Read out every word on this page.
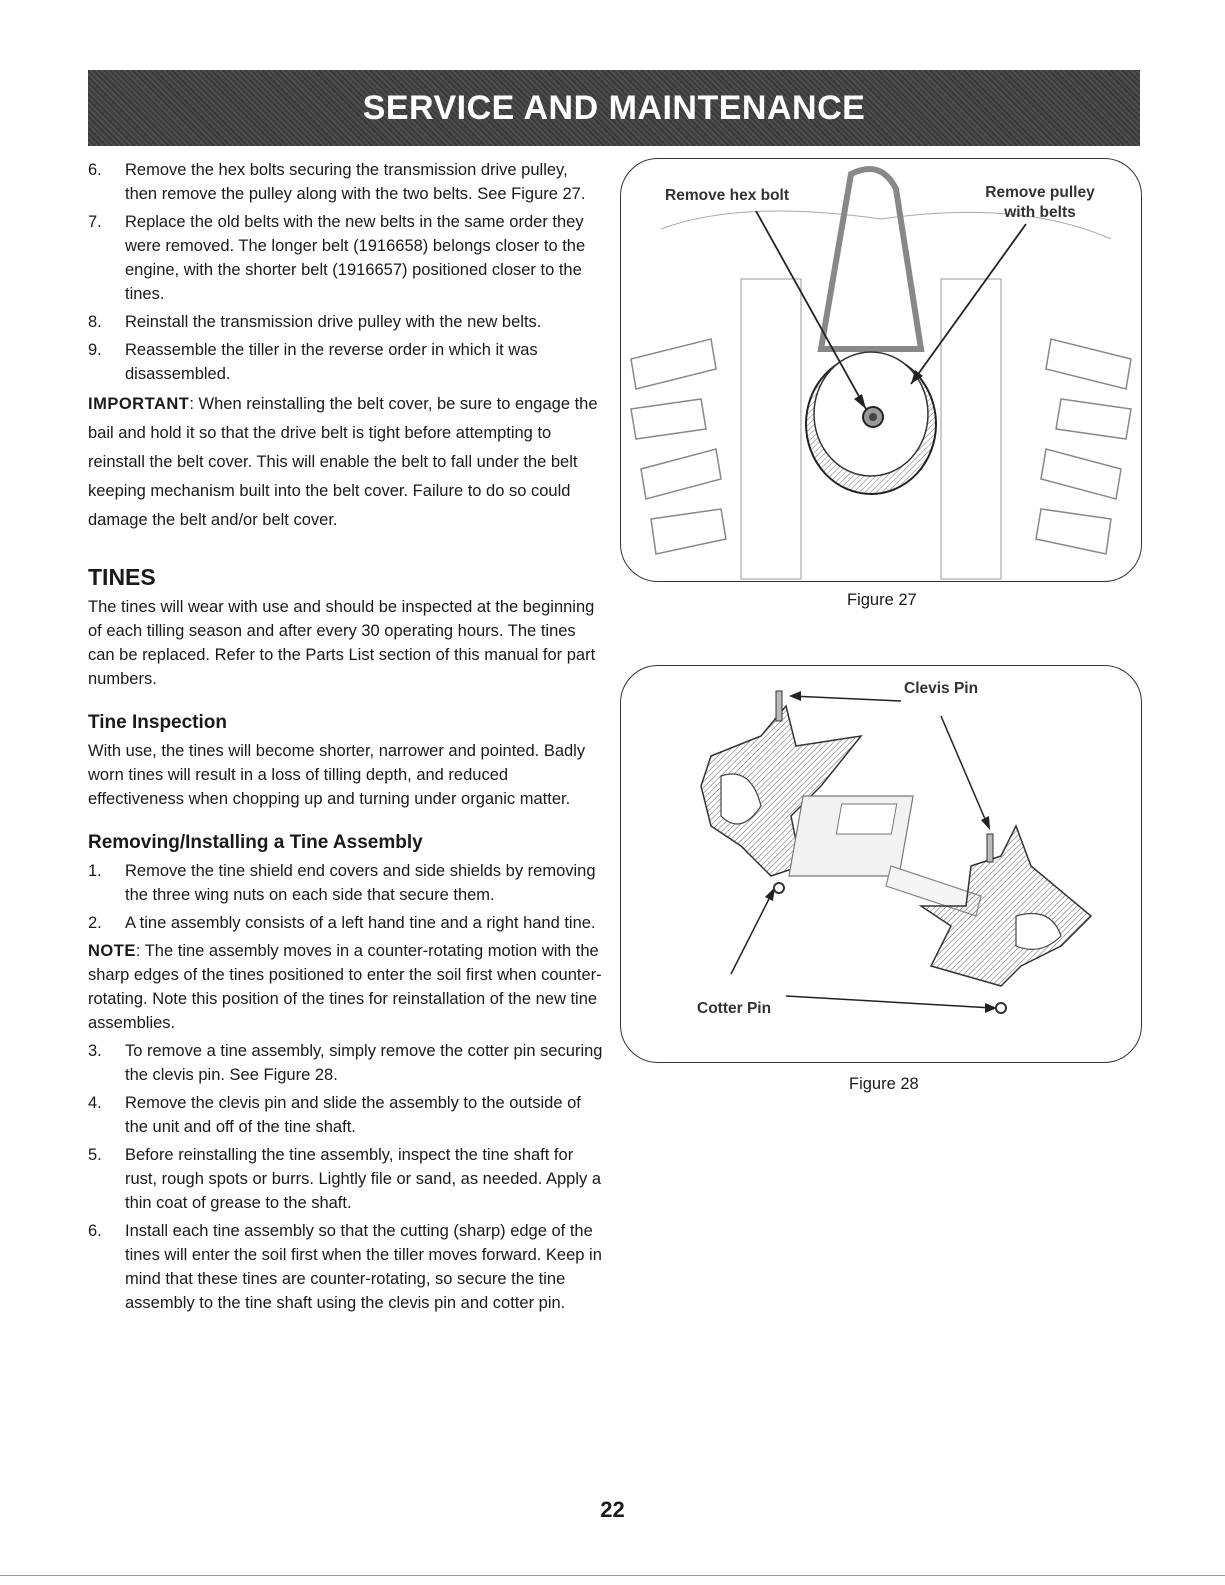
SERVICE AND MAINTENANCE
6.	Remove the hex bolts securing the transmission drive pulley, then remove the pulley along with the two belts. See Figure 27.
7.	Replace the old belts with the new belts in the same order they were removed. The longer belt (1916658) belongs closer to the engine, with the shorter belt (1916657) positioned closer to the tines.
8.	Reinstall the transmission drive pulley with the new belts.
9.	Reassemble the tiller in the reverse order in which it was disassembled.

IMPORTANT: When reinstalling the belt cover, be sure to engage the bail and hold it so that the drive belt is tight before attempting to reinstall the belt cover. This will enable the belt to fall under the belt keeping mechanism built into the belt cover. Failure to do so could damage the belt and/or belt cover.

TINES

The tines will wear with use and should be inspected at the beginning of each tilling season and after every 30 operating hours. The tines can be replaced. Refer to the Parts List section of this manual for part numbers.

Tine Inspection

With use, the tines will become shorter, narrower and pointed. Badly worn tines will result in a loss of tilling depth, and reduced effectiveness when chopping up and turning under organic matter.

Removing/Installing a Tine Assembly
1.	Remove the tine shield end covers and side shields by removing the three wing nuts on each side that secure them.
2.	A tine assembly consists of a left hand tine and a right hand tine.

NOTE: The tine assembly moves in a counter-rotating motion with the sharp edges of the tines positioned to enter the soil first when counter-rotating. Note this position of the tines for reinstallation of the new tine assemblies.

3.	To remove a tine assembly, simply remove the cotter pin securing the clevis pin. See Figure 28.
4.	Remove the clevis pin and slide the assembly to the outside of the unit and off of the tine shaft.
5.	Before reinstalling the tine assembly, inspect the tine shaft for rust, rough spots or burrs. Lightly file or sand, as needed. Apply a thin coat of grease to the shaft.
6.	Install each tine assembly so that the cutting (sharp) edge of the tines will enter the soil first when the tiller moves forward. Keep in mind that these tines are counter-rotating, so secure the tine assembly to the tine shaft using the clevis pin and cotter pin.
Remove hex bolt	Remove pulley
with belts
Figure 27
Clevis Pin
Cotter Pin
Figure 28
22
